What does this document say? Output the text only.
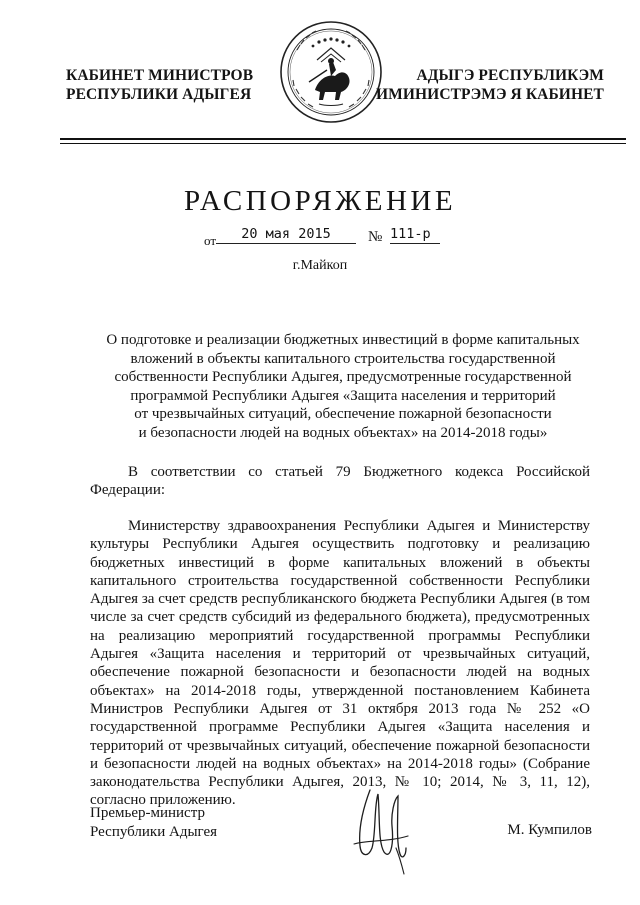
КАБИНЕТ МИНИСТРОВ
РЕСПУБЛИКИ АДЫГЕЯ
АДЫГЭ РЕСПУБЛИКЭМ
ИМИНИСТРЭМЭ Я КАБИНЕТ
РАСПОРЯЖЕНИЕ
от	20 мая 2015	№ 111-р
г.Майкоп
О подготовке и реализации бюджетных инвестиций в форме капитальных
вложений в объекты капитального строительства государственной
собственности Республики Адыгея, предусмотренные государственной
программой Республики Адыгея «Защита населения и территорий
от чрезвычайных ситуаций, обеспечение пожарной безопасности
и безопасности людей на водных объектах» на 2014-2018 годы»

В соответствии со статьей 79 Бюджетного кодекса Российской Федерации:

Министерству здравоохранения Республики Адыгея и Министерству культуры Республики Адыгея осуществить подготовку и реализацию бюджетных инвестиций в форме капитальных вложений в объекты капитального строительства государственной собственности Республики Адыгея за счет средств республиканского бюджета Республики Адыгея (в том числе за счет средств субсидий из федерального бюджета), предусмотренных на реализацию мероприятий государственной программы Республики Адыгея «Защита населения и территорий от чрезвычайных ситуаций, обеспечение пожарной безопасности и безопасности людей на водных объектах» на 2014-2018 годы, утвержденной постановлением Кабинета Министров Республики Адыгея от 31 октября 2013 года № 252 «О государственной программе Республики Адыгея «Защита населения и территорий от чрезвычайных ситуаций, обеспечение пожарной безопасности и безопасности людей на водных объектах» на 2014-2018 годы» (Собрание законодательства Республики Адыгея, 2013, № 10; 2014, № 3, 11, 12), согласно приложению.

Премьер-министр
Республики Адыгея	М. Кумпилов
